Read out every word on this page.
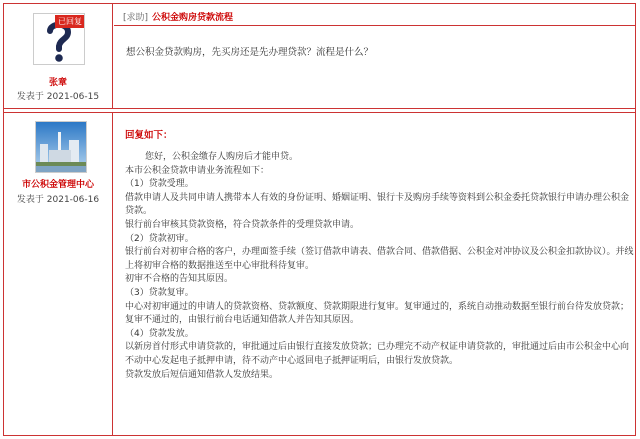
已回复
张章
发表于 2021-06-15
[求助] 公积金购房贷款流程
想公积金贷款购房，先买房还是先办理贷款？流程是什么？
市公积金管理中心
发表于 2021-06-16
回复如下：

您好，公积金缴存人购房后才能申贷。

本市公积金贷款申请业务流程如下：

（1）贷款受理。

借款申请人及共同申请人携带本人有效的身份证明、婚姻证明、银行卡及购房手续等资料到公积金委托贷款银行申请办理公积金贷款。

银行前台审核其贷款资格，符合贷款条件的受理贷款申请。

（2）贷款初审。

银行前台对初审合格的客户，办理面签手续（签订借款申请表、借款合同、借款借据、公积金对冲协议及公积金扣款协议）。并线上将初审合格的数据推送至中心审批科待复审。

初审不合格的告知其原因。

（3）贷款复审。

中心对初审通过的申请人的贷款资格、贷款额度、贷款期限进行复审。复审通过的，系统自动推动数据至银行前台待发放贷款；复审不通过的，由银行前台电话通知借款人并告知其原因。

（4）贷款发放。

以新房首付形式申请贷款的，审批通过后由银行直接发放贷款；已办理完不动产权证申请贷款的，审批通过后由市公积金中心向不动中心发起电子抵押申请，待不动产中心返回电子抵押证明后，由银行发放贷款。

贷款发放后短信通知借款人发放结果。
